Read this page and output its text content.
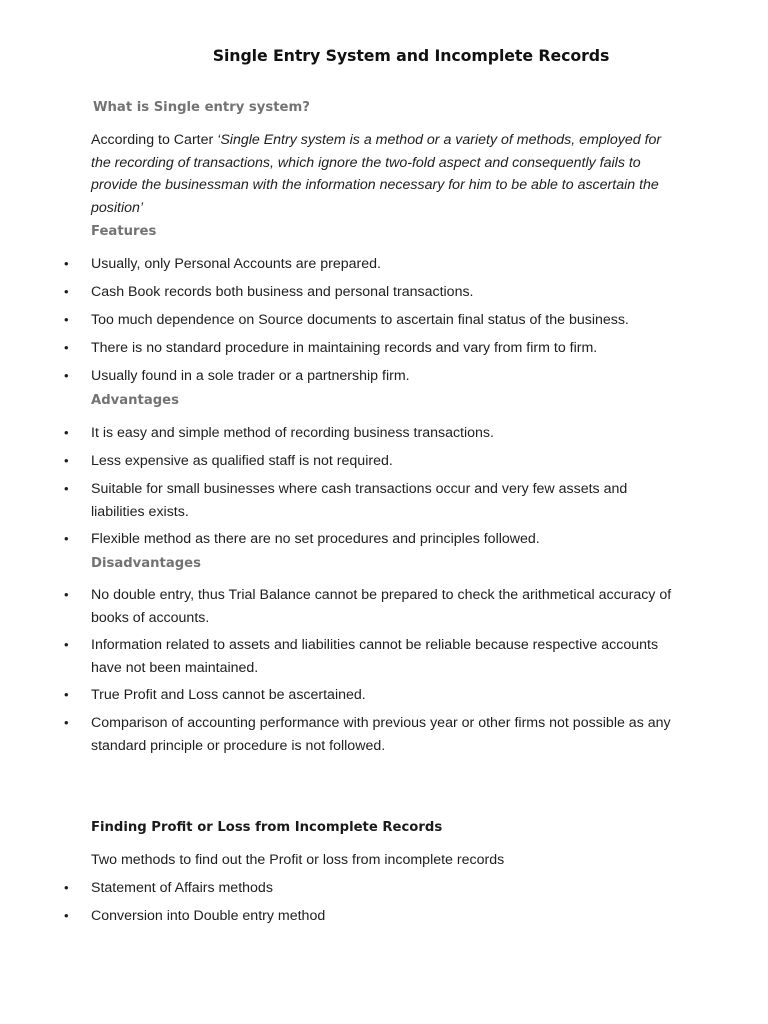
Single Entry System and Incomplete Records
What is Single entry system?
According to Carter ‘Single Entry system is a method or a variety of methods, employed for the recording of transactions, which ignore the two-fold aspect and consequently fails to provide the businessman with the information necessary for him to be able to ascertain the position’
Features
• Usually, only Personal Accounts are prepared.
• Cash Book records both business and personal transactions.
• Too much dependence on Source documents to ascertain final status of the business.
• There is no standard procedure in maintaining records and vary from firm to firm.
• Usually found in a sole trader or a partnership firm.
Advantages
• It is easy and simple method of recording business transactions.
• Less expensive as qualified staff is not required.
• Suitable for small businesses where cash transactions occur and very few assets and liabilities exists.
• Flexible method as there are no set procedures and principles followed.
Disadvantages
• No double entry, thus Trial Balance cannot be prepared to check the arithmetical accuracy of books of accounts.
• Information related to assets and liabilities cannot be reliable because respective accounts have not been maintained.
• True Profit and Loss cannot be ascertained.
• Comparison of accounting performance with previous year or other firms not possible as any standard principle or procedure is not followed.
Finding Profit or Loss from Incomplete Records
Two methods to find out the Profit or loss from incomplete records
• Statement of Affairs methods
• Conversion into Double entry method
